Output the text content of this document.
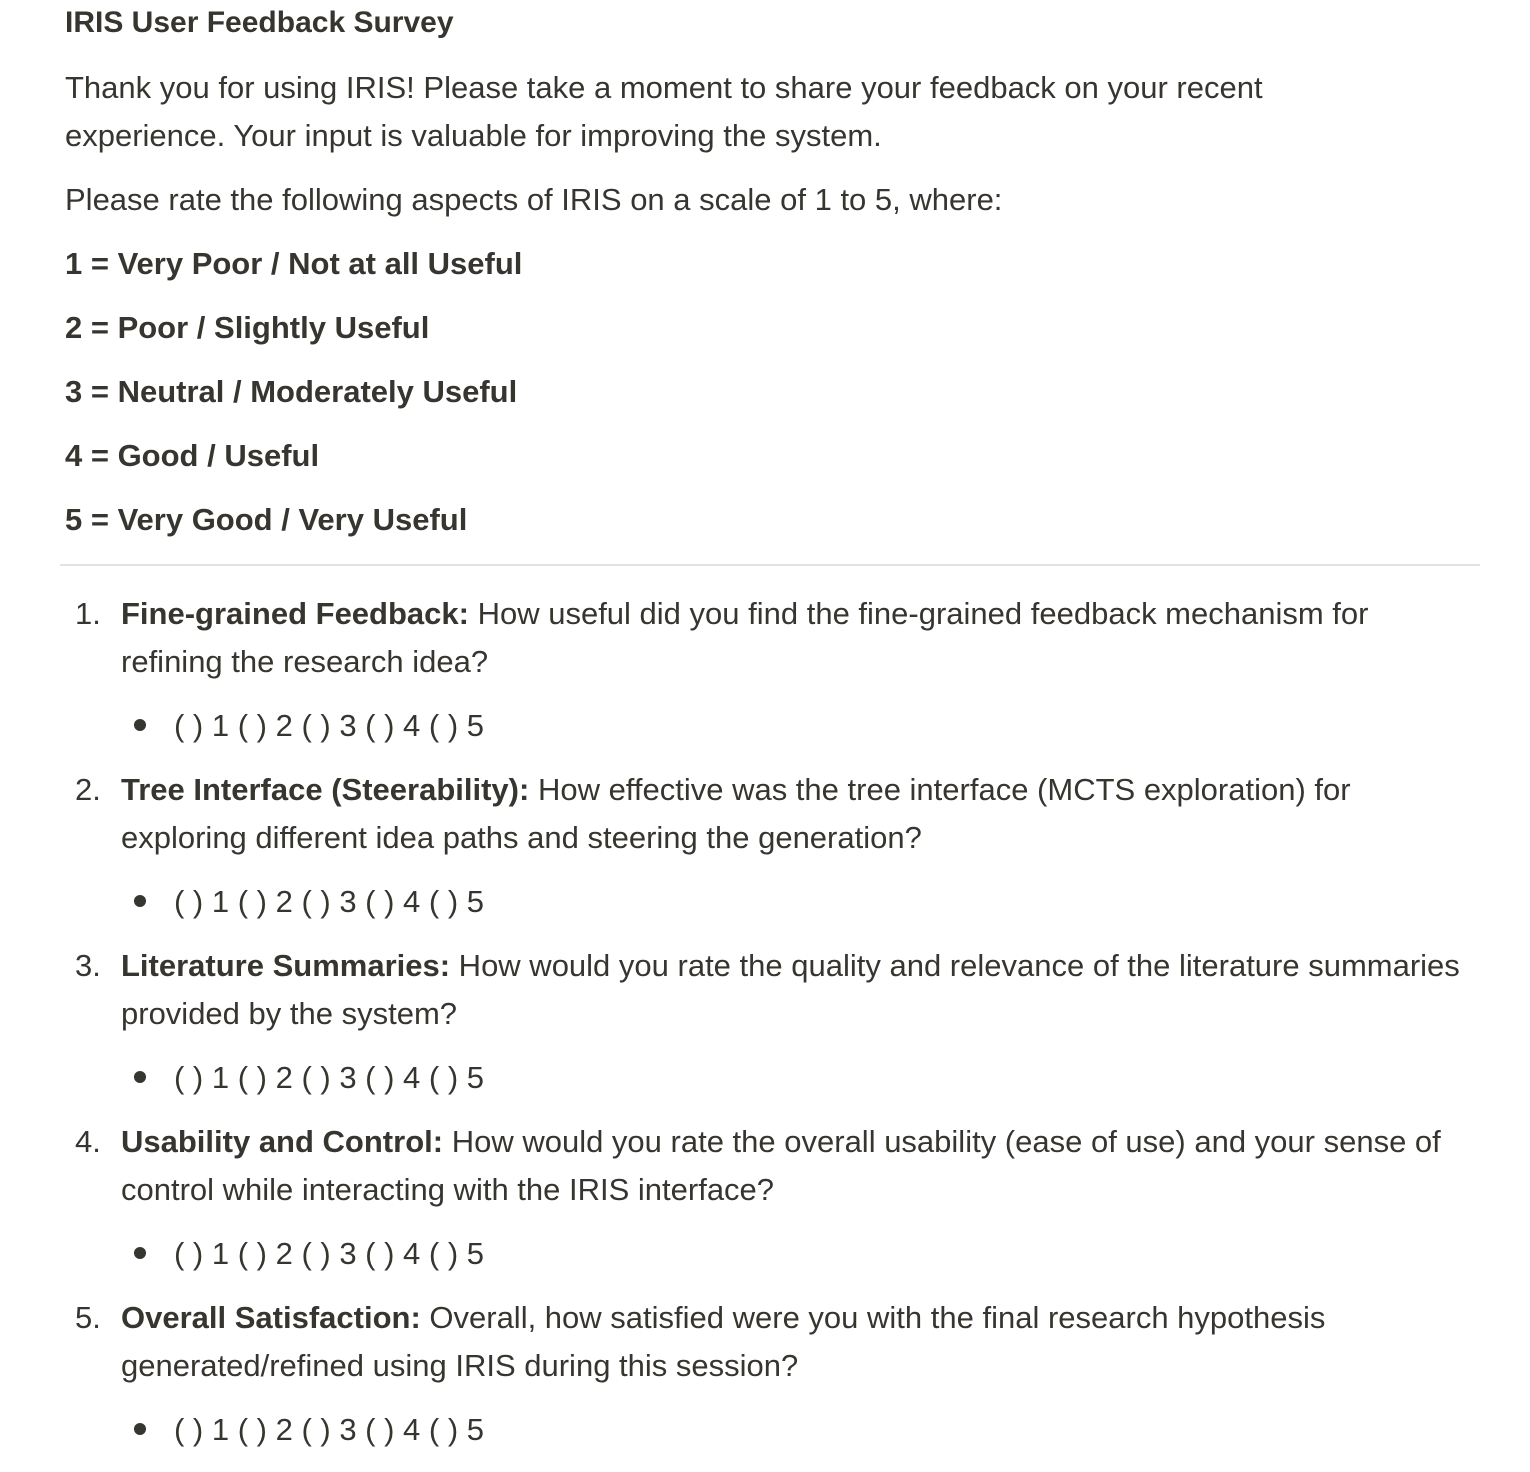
IRIS User Feedback Survey

Thank you for using IRIS! Please take a moment to share your feedback on your recent experience. Your input is valuable for improving the system.

Please rate the following aspects of IRIS on a scale of 1 to 5, where:

1 = Very Poor / Not at all Useful

2 = Poor / Slightly Useful

3 = Neutral / Moderately Useful

4 = Good / Useful

5 = Very Good / Very Useful

1. Fine-grained Feedback: How useful did you find the fine-grained feedback mechanism for refining the research idea?

( ) 1 ( ) 2 ( ) 3 ( ) 4 ( ) 5
2. Tree Interface (Steerability): How effective was the tree interface (MCTS exploration) for exploring different idea paths and steering the generation?

( ) 1 ( ) 2 ( ) 3 ( ) 4 ( ) 5
3. Literature Summaries: How would you rate the quality and relevance of the literature summaries provided by the system?

( ) 1 ( ) 2 ( ) 3 ( ) 4 ( ) 5
4. Usability and Control: How would you rate the overall usability (ease of use) and your sense of control while interacting with the IRIS interface?

( ) 1 ( ) 2 ( ) 3 ( ) 4 ( ) 5
5. Overall Satisfaction: Overall, how satisfied were you with the final research hypothesis generated/refined using IRIS during this session?

( ) 1 ( ) 2 ( ) 3 ( ) 4 ( ) 5
